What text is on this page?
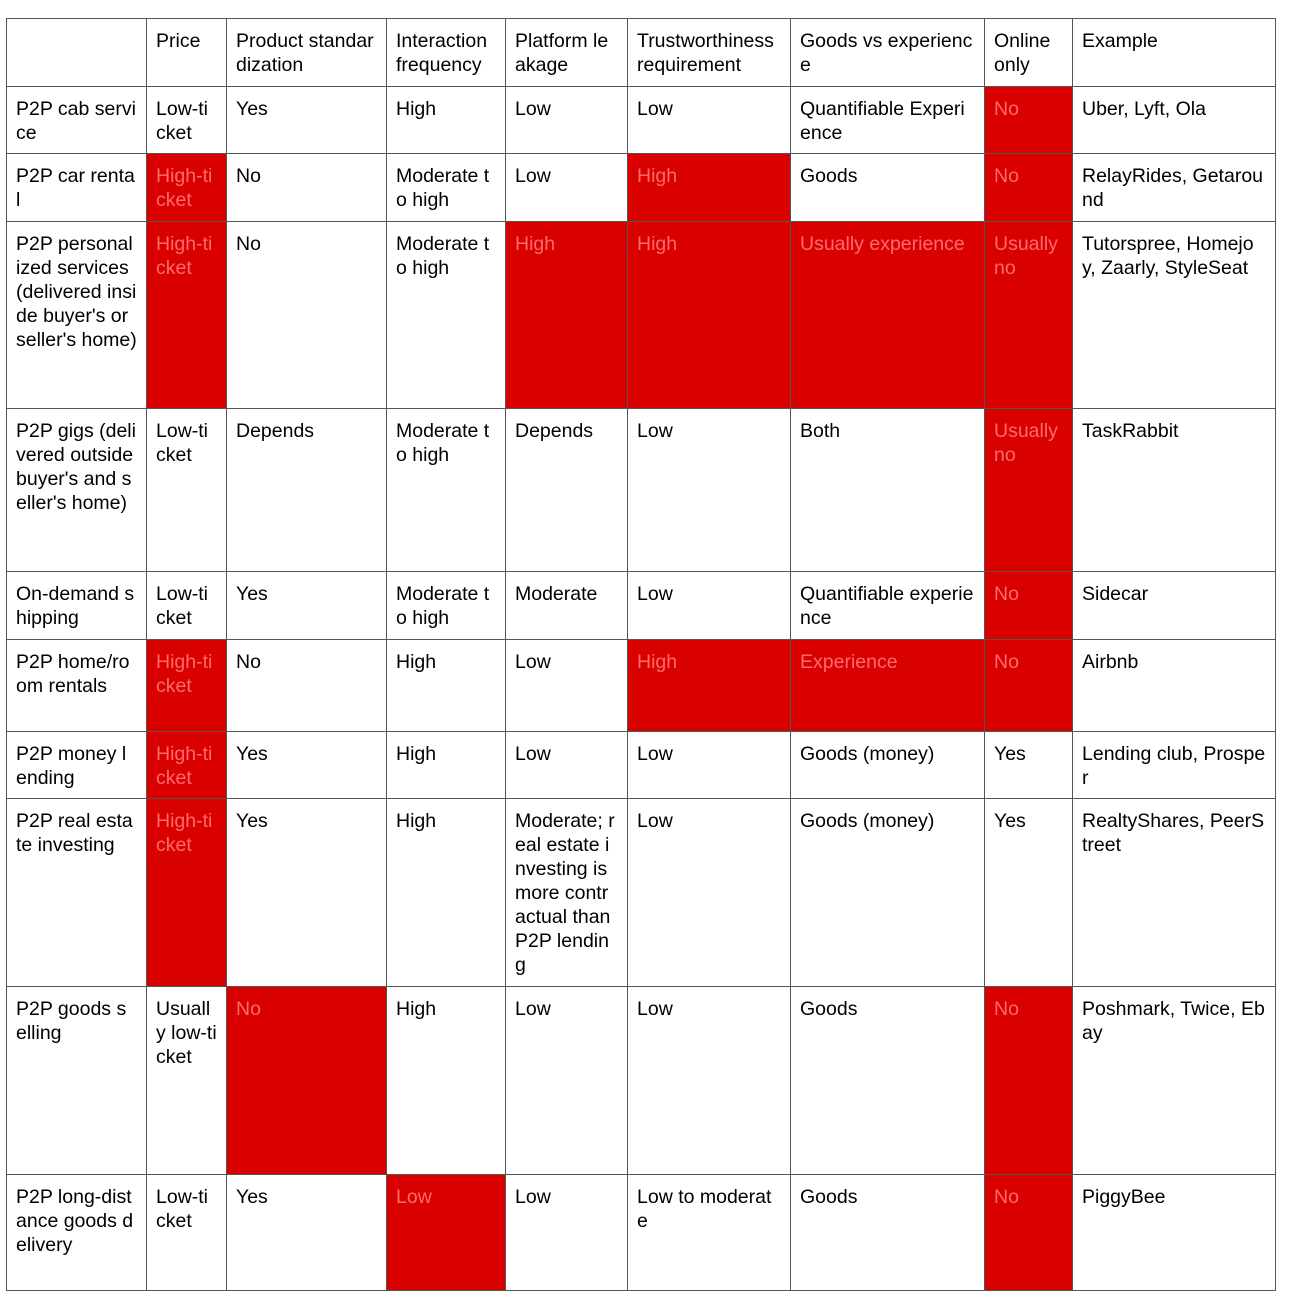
	Price	Product standardization	Interaction frequency	Platform leakage	Trustworthiness requirement	Goods vs experience	Online only	Example
P2P cab service	Low-ticket	Yes	High	Low	Low	Quantifiable Experience	No	Uber, Lyft, Ola
P2P car rental	High-ticket	No	Moderate to high	Low	High	Goods	No	RelayRides, Getaround
P2P personalized services (delivered inside buyer's or seller's home)	High-ticket	No	Moderate to high	High	High	Usually experience	Usually no	Tutorspree, Homejoy, Zaarly, StyleSeat
P2P gigs (delivered outside buyer's and seller's home)	Low-ticket	Depends	Moderate to high	Depends	Low	Both	Usually no	TaskRabbit
On-demand shipping	Low-ticket	Yes	Moderate to high	Moderate	Low	Quantifiable experience	No	Sidecar
P2P home/room rentals	High-ticket	No	High	Low	High	Experience	No	Airbnb
P2P money lending	High-ticket	Yes	High	Low	Low	Goods (money)	Yes	Lending club, Prosper
P2P real estate investing	High-ticket	Yes	High	Moderate; real estate investing is more contractual than P2P lending	Low	Goods (money)	Yes	RealtyShares, PeerStreet
P2P goods selling	Usually low-ticket	No	High	Low	Low	Goods	No	Poshmark, Twice, Ebay
P2P long-distance goods delivery	Low-ticket	Yes	Low	Low	Low to moderate	Goods	No	PiggyBee
